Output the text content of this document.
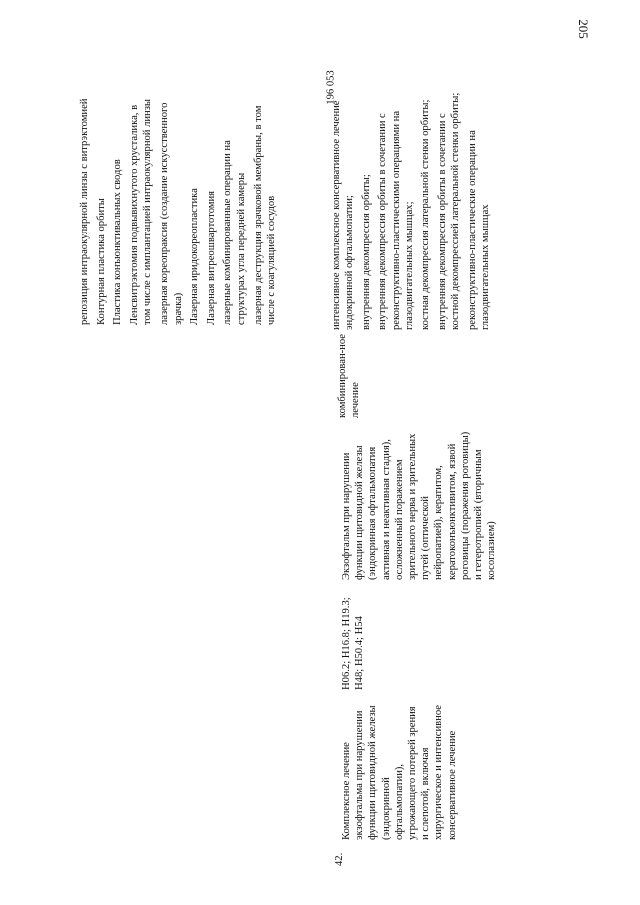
205
репозиция интраокулярной линзы с витрэктомией Контурная пластика орбиты Пластика конъюнктивальных сводов Ленсвитрэктомия подвывихнутого хрусталика, в том числе с имплантацией интраокулярной линзы лазерная кореопраксия (создание искусственного зрачка) Лазерная иридокореопластика Лазерная витреошвартотомия лазерные комбинированные операции на структурах угла передней камеры лазерная деструкция зрачковой мембраны, в том числе с коагуляцией сосудов
42.
Комплексное лечение экзофтальма при нарушении функции щитовидной железы (эндокринной офтальмопатии), угрожающего потерей зрения и слепотой, включая хирургическое и интенсивное консервативное лечение
H06.2; H16.8; H19.3; H48; H50.4; H54
Экзофтальм при нарушении функции щитовидной железы (эндокринная офтальмопатия активная и неактивная стадия), осложненный поражением зрительного нерва и зрительных путей (оптической нейропатией), кератитом, кератоконъюнктивитом, язвой роговицы (поражения роговицы) и гетеротропией (вторичным косоглазием)
комбинирован-ное лечение
интенсивное комплексное консервативное лечение эндокринной офтальмопатии; внутренняя декомпрессия орбиты; внутренняя декомпрессия орбиты в сочетании с реконструктивно-пластическими операциями на глазодвигательных мышцах; костная декомпрессия латеральной стенки орбиты; внутренняя декомпрессия орбиты в сочетании с костной декомпрессией латеральной стенки орбиты; реконструктивно-пластические операции на глазодвигательных мышцах
196 053
